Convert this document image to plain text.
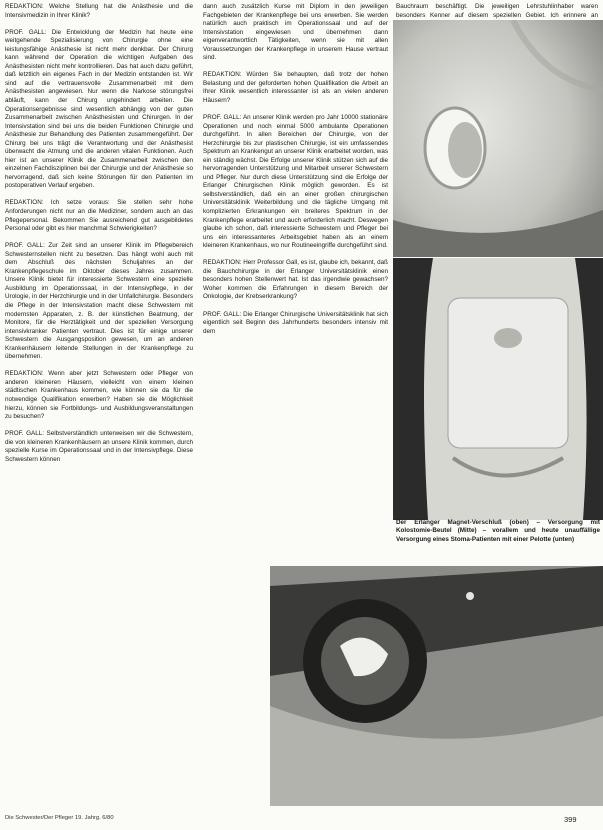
REDAKTION: Welche Stellung hat die Anästhesie und die Intensivmedizin in Ihrer Klinik?

PROF. GALL: Die Entwicklung der Medizin hat heute eine weitgehende Spezialisierung von Chirurgie ohne eine leistungsfähige Anästhesie ist nicht mehr denkbar. Der Chirurg kann während der Operation die wichtigen Aufgaben des Anästhesisten nicht mehr kontrollieren. Das hat auch dazu geführt, daß letztlich ein eigenes Fach in der Medizin entstanden ist. Wir sind auf die vertrauensvolle Zusammenarbeit mit dem Anästhesisten angewiesen. Nur wenn die Narkose störungsfrei abläuft, kann der Chirurg ungehindert arbeiten. Die Operationsergebnisse sind wesentlich abhängig von der guten Zusammenarbeit zwischen Anästhesisten und Chirurgen. In der Intensivstation sind bei uns die beiden Funktionen Chirurgie und Anästhesie zur Behandlung des Patienten zusammengeführt. Der Chirurg bei uns trägt die Verantwortung und der Anästhesist überwacht die Atmung und die anderen vitalen Funktionen. Auch hier ist an unserer Klinik die Zusammenarbeit zwischen den einzelnen Fachdisziplinen bei der Chirurgie und der Anästhesie so hervorragend, daß sich keine Störungen für den Patienten im postoperativen Verlauf ergeben.

REDAKTION: Ich setze voraus: Sie stellen sehr hohe Anforderungen nicht nur an die Mediziner, sondern auch an das Pflegepersonal. Bekommen Sie ausreichend gut ausgebildetes Personal oder gibt es hier manchmal Schwierigkeiten?

PROF. GALL: Zur Zeit sind an unserer Klinik im Pflegebereich Schwesternstellen nicht zu besetzen. Das hängt wohl auch mit dem Abschluß des nächsten Schuljahres an der Krankenpflegeschule im Oktober dieses Jahres zusammen. Unsere Klinik bietet für interessierte Schwestern eine spezielle Ausbildung im Operationssaal, in der Intensivpflege, in der Urologie, in der Herzchirurgie und in der Unfallchirurgie. Besonders die Pflege in der Intensivstation macht diese Schwestern mit modernsten Apparaten, z. B. der künstlichen Beatmung, der Monitore, für die Herztätigkeit und der speziellen Versorgung intensivkranker Patienten vertraut. Dies ist für einige unserer Schwestern die Ausgangsposition gewesen, um an anderen Krankenhäusern leitende Stellungen in der Krankenpflege zu übernehmen.

REDAKTION: Wenn aber jetzt Schwestern oder Pfleger von anderen kleineren Häusern, vielleicht von einem kleinen städtischen Krankenhaus kommen, wie können sie da für die notwendige Qualifikation erwerben? Haben sie die Möglichkeit hierzu, können sie Fortbildungs- und Ausbildungsveranstaltungen zu besuchen?

PROF. GALL: Selbstverständlich unterweisen wir die Schwestern, die von kleineren Krankenhäusern an unsere Klinik kommen, durch spezielle Kurse im Operationssaal und in der Intensivpflege. Diese Schwestern können

dann auch zusätzlich Kurse mit Diplom in den jeweiligen Fachgebieten der Krankenpflege bei uns erwerben. Sie werden natürlich auch praktisch im Operationssaal und auf der Intensivstation eingewiesen und übernehmen dann eigenverantwortlich Tätigkeiten, wenn sie mit allen Voraussetzungen der Krankenpflege in unserem Hause vertraut sind.

REDAKTION: Würden Sie behaupten, daß trotz der hohen Belastung und der geforderten hohen Qualifikation die Arbeit an Ihrer Klinik wesentlich interessanter ist als an vielen anderen Häusern?

PROF. GALL: An unserer Klinik werden pro Jahr 10000 stationäre Operationen und noch einmal 5000 ambulante Operationen durchgeführt. In allen Bereichen der Chirurgie, von der Herzchirurgie bis zur plastischen Chirurgie, ist ein umfassendes Spektrum an Krankengut an unserer Klinik erarbeitet worden, was ein ständig wächst. Die Erfolge unserer Klinik stützen sich auf die hervorragenden Unterstützung und Mitarbeit unserer Schwestern und Pfleger. Nur durch diese Unterstützung sind die Erfolge der Erlanger Chirurgischen Klinik möglich geworden. Es ist selbstverständlich, daß ein an einer großen chirurgischen Universitätsklinik Weiterbildung und die tägliche Umgang mit komplizierten Erkrankungen ein breiteres Spektrum in der Krankenpflege erarbeitet und auch erforderlich macht. Deswegen glaube ich schon, daß interessierte Schwestern und Pfleger bei uns ein interessanteres Arbeitsgebiet haben als an einem kleineren Krankenhaus, wo nur Routineeingriffe durchgeführt sind.

REDAKTION: Herr Professor Gall, es ist, glaube ich, bekannt, daß die Bauchchirurgie in der Erlanger Universitätsklinik einen besonders hohen Stellenwert hat. Ist das irgendwie gewachsen? Woher kommen die Erfahrungen in diesem Bereich der Onkologie, der Krebserkrankung?

PROF. GALL: Die Erlanger Chirurgische Universitätsklinik hat sich eigentlich seit Beginn des Jahrhunderts besonders intensiv mit dem

Bauchraum beschäftigt. Die jeweiligen Lehrstuhlinhaber waren besonders Kenner auf diesem speziellen Gebiet. Ich erinnere an

Der Erlanger Magnet-Verschluß (oben) – Versorgung mit Kolostomie-Beutel (Mitte) – vorallem und heute unauffällige Versorgung eines Stoma-Patienten mit einer Pelotte (unten)
Die Schwester/Der Pfleger 19. Jahrg. 6/80	399
